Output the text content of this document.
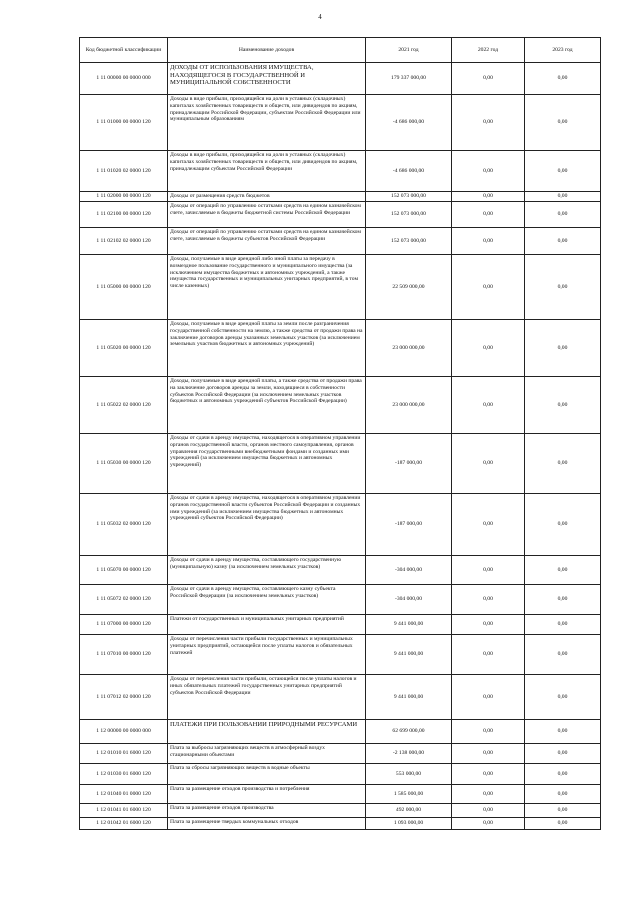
4
Код бюджетной классификации	Наименование доходов	2021 год	2022 год	2023 год
1 11 00000 00 0000 000	ДОХОДЫ ОТ ИСПОЛЬЗОВАНИЯ ИМУЩЕСТВА, НАХОДЯЩЕГОСЯ В ГОСУДАРСТВЕННОЙ И МУНИЦИПАЛЬНОЙ СОБСТВЕННОСТИ	179 337 000,00	0,00	0,00
1 11 01000 00 0000 120	Доходы в виде прибыли, приходящейся на доли в уставных (складочных) капиталах хозяйственных товариществ и обществ, или дивидендов по акциям, принадлежащим Российской Федерации, субъектам Российской Федерации или муниципальным образованиям	-4 686 000,00	0,00	0,00
1 11 01020 02 0000 120	Доходы в виде прибыли, приходящейся на доли в уставных (складочных) капиталах хозяйственных товариществ и обществ, или дивидендов по акциям, принадлежащим субъектам Российской Федерации	-4 686 000,00	0,00	0,00
1 11 02000 00 0000 120	Доходы от размещения средств бюджетов	152 073 000,00	0,00	0,00
1 11 02100 00 0000 120	Доходы от операций по управлению остатками средств на едином казначейском счете, зачисляемые в бюджеты бюджетной системы Российской Федерации	152 073 000,00	0,00	0,00
1 11 02102 02 0000 120	Доходы от операций по управлению остатками средств на едином казначейском счете, зачисляемые в бюджеты субъектов Российской Федерации	152 073 000,00	0,00	0,00
1 11 05000 00 0000 120	Доходы, получаемые в виде арендной либо иной платы за передачу в возмездное пользование государственного и муниципального имущества (за исключением имущества бюджетных и автономных учреждений, а также имущества государственных и муниципальных унитарных предприятий, в том числе казенных)	22 509 000,00	0,00	0,00
1 11 05020 00 0000 120	Доходы, получаемые в виде арендной платы за земли после разграничения государственной собственности на землю, а также средства от продажи права на заключение договоров аренды указанных земельных участков (за исключением земельных участков бюджетных и автономных учреждений)	23 000 000,00	0,00	0,00
1 11 05022 02 0000 120	Доходы, получаемые в виде арендной платы, а также средства от продажи права на заключение договоров аренды за земли, находящиеся в собственности субъектов Российской Федерации (за исключением земельных участков бюджетных и автономных учреждений субъектов Российской Федерации)	23 000 000,00	0,00	0,00
1 11 05030 00 0000 120	Доходы от сдачи в аренду имущества, находящегося в оперативном управлении органов государственной власти, органов местного самоуправления, органов управления государственными внебюджетными фондами и созданных ими учреждений (за исключением имущества бюджетных и автономных учреждений)	-187 000,00	0,00	0,00
1 11 05032 02 0000 120	Доходы от сдачи в аренду имущества, находящегося в оперативном управлении органов государственной власти субъектов Российской Федерации и созданных ими учреждений (за исключением имущества бюджетных и автономных учреждений субъектов Российской Федерации)	-187 000,00	0,00	0,00
1 11 05070 00 0000 120	Доходы от сдачи в аренду имущества, составляющего государственную (муниципальную) казну (за исключением земельных участков)	-304 000,00	0,00	0,00
1 11 05072 02 0000 120	Доходы от сдачи в аренду имущества, составляющего казну субъекта Российской Федерации (за исключением земельных участков)	-304 000,00	0,00	0,00
1 11 07000 00 0000 120	Платежи от государственных и муниципальных унитарных предприятий	9 441 000,00	0,00	0,00
1 11 07010 00 0000 120	Доходы от перечисления части прибыли государственных и муниципальных унитарных предприятий, остающейся после уплаты налогов и обязательных платежей	9 441 000,00	0,00	0,00
1 11 07012 02 0000 120	Доходы от перечисления части прибыли, остающейся после уплаты налогов и иных обязательных платежей государственных унитарных предприятий субъектов Российской Федерации	9 441 000,00	0,00	0,00
1 12 00000 00 0000 000	ПЛАТЕЖИ ПРИ ПОЛЬЗОВАНИИ ПРИРОДНЫМИ РЕСУРСАМИ	62 699 000,00	0,00	0,00
1 12 01010 01 6000 120	Плата за выбросы загрязняющих веществ в атмосферный воздух стационарными объектами	-2 138 000,00	0,00	0,00
1 12 01030 01 6000 120	Плата за сбросы загрязняющих веществ в водные объекты	553 000,00	0,00	0,00
1 12 01040 01 0000 120	Плата за размещение отходов производства и потребления	1 585 000,00	0,00	0,00
1 12 01041 01 6000 120	Плата за размещение отходов производства	492 000,00	0,00	0,00
1 12 01042 01 6000 120	Плата за размещение твердых коммунальных отходов	1 093 000,00	0,00	0,00
